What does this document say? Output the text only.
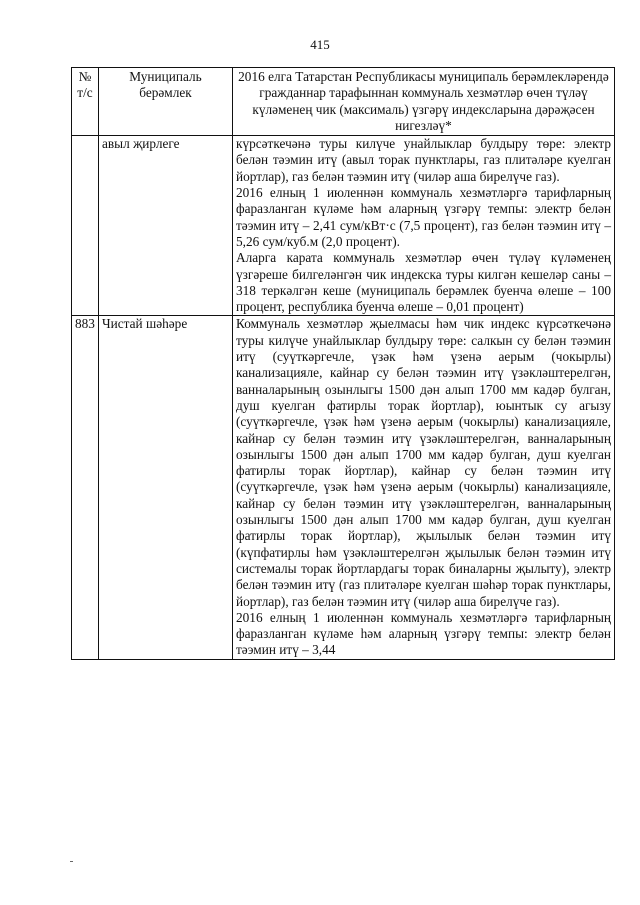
415
№ т/с	Муниципаль берәмлек	2016 елга Татарстан Республикасы муниципаль берәмлекләрендә гражданнар тарафыннан коммуналь хезмәтләр өчен түләү күләменең чик (максималь) үзгәрү индексларына дәрәҗәсен нигезләү*
	авыл җирлеге	күрсәткечәнә туры килүче унайлыклар булдыру төре: электр белән тәэмин итү (авыл торак пунктлары, газ плитәләре куелган йортлар), газ белән тәэмин итү (чиләр аша бирелүче газ).

2016 елның 1 июленнән коммуналь хезмәтләргә тарифларның фаразланган күләме һәм аларның үзгәрү темпы: электр белән тәэмин итү – 2,41 сум/кВт·с (7,5 процент), газ белән тәэмин итү – 5,26 сум/куб.м (2,0 процент).

Аларга карата коммуналь хезмәтләр өчен түләү күләменең үзгәреше билгеләнгән чик индекска туры килгән кешеләр саны – 318 теркәлгән кеше (муниципаль берәмлек буенча өлеше – 100 процент, республика буенча өлеше – 0,01 процент)

883	Чистай шәһәре	Коммуналь хезмәтләр җыелмасы һәм чик индекс күрсәткечәнә туры килүче унайлыклар булдыру төре: салкын су белән тәэмин итү (суүткәргечле, үзәк һәм үзенә аерым (чокырлы) канализацияле, кайнар су белән тәэмин итү үзәкләштерелгән, ванналарының озынлыгы 1500 дән алып 1700 мм кадәр булган, душ куелган фатирлы торак йортлар), юынтык су агызу (суүткәргечле, үзәк һәм үзенә аерым (чокырлы) канализацияле, кайнар су белән тәэмин итү үзәкләштерелгән, ванналарының озынлыгы 1500 дән алып 1700 мм кадәр булган, душ куелган фатирлы торак йортлар), кайнар су белән тәэмин итү (суүткәргечле, үзәк һәм үзенә аерым (чокырлы) канализацияле, кайнар су белән тәэмин итү үзәкләштерелгән, ванналарының озынлыгы 1500 дән алып 1700 мм кадәр булган, душ куелган фатирлы торак йортлар), җылылык белән тәэмин итү (күпфатирлы һәм үзәкләштерелгән җылылык белән тәэмин итү системалы торак йортлардагы торак биналарны җылыту), электр белән тәэмин итү (газ плитәләре куелган шәһәр торак пунктлары, йортлар), газ белән тәэмин итү (чиләр аша бирелүче газ).

2016 елның 1 июленнән коммуналь хезмәтләргә тарифларның фаразланган күләме һәм аларның үзгәрү темпы: электр белән тәэмин итү – 3,44
